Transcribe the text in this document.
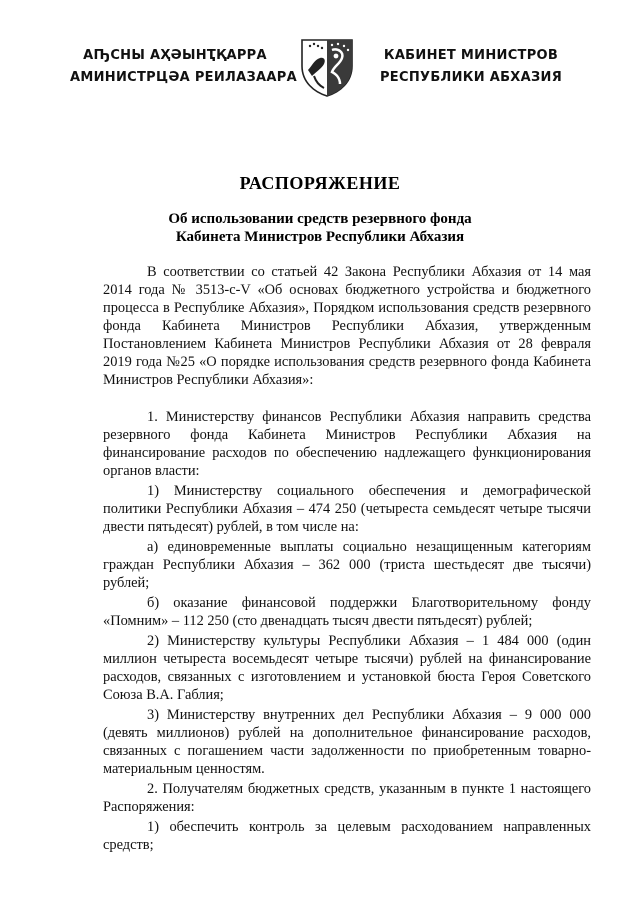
АҦСНЫ АҲӘЫНҬҚАРРА
АМИНИСТРЦӘА РЕИЛАЗААРА
КАБИНЕТ МИНИСТРОВ
РЕСПУБЛИКИ АБХАЗИЯ
РАСПОРЯЖЕНИЕ
Об использовании средств резервного фонда
Кабинета Министров Республики Абхазия

В соответствии со статьей 42 Закона Республики Абхазия от 14 мая 2014 года № 3513-с-V «Об основах бюджетного устройства и бюджетного процесса в Республике Абхазия», Порядком использования средств резервного фонда Кабинета Министров Республики Абхазия, утвержденным Постановлением Кабинета Министров Республики Абхазия от 28 февраля 2019 года №25 «О порядке использования средств резервного фонда Кабинета Министров Республики Абхазия»:

1. Министерству финансов Республики Абхазия направить средства резервного фонда Кабинета Министров Республики Абхазия на финансирование расходов по обеспечению надлежащего функционирования органов власти:

1) Министерству социального обеспечения и демографической политики Республики Абхазия – 474 250 (четыреста семьдесят четыре тысячи двести пятьдесят) рублей, в том числе на:

а) единовременные выплаты социально незащищенным категориям граждан Республики Абхазия – 362 000 (триста шестьдесят две тысячи) рублей;

б) оказание финансовой поддержки Благотворительному фонду «Помним» – 112 250 (сто двенадцать тысяч двести пятьдесят) рублей;

2) Министерству культуры Республики Абхазия – 1 484 000 (один миллион четыреста восемьдесят четыре тысячи) рублей на финансирование расходов, связанных с изготовлением и установкой бюста Героя Советского Союза В.А. Габлия;

3) Министерству внутренних дел Республики Абхазия – 9 000 000 (девять миллионов) рублей на дополнительное финансирование расходов, связанных с погашением части задолженности по приобретенным товарно-материальным ценностям.

2. Получателям бюджетных средств, указанным в пункте 1 настоящего Распоряжения:

1) обеспечить контроль за целевым расходованием направленных средств;
